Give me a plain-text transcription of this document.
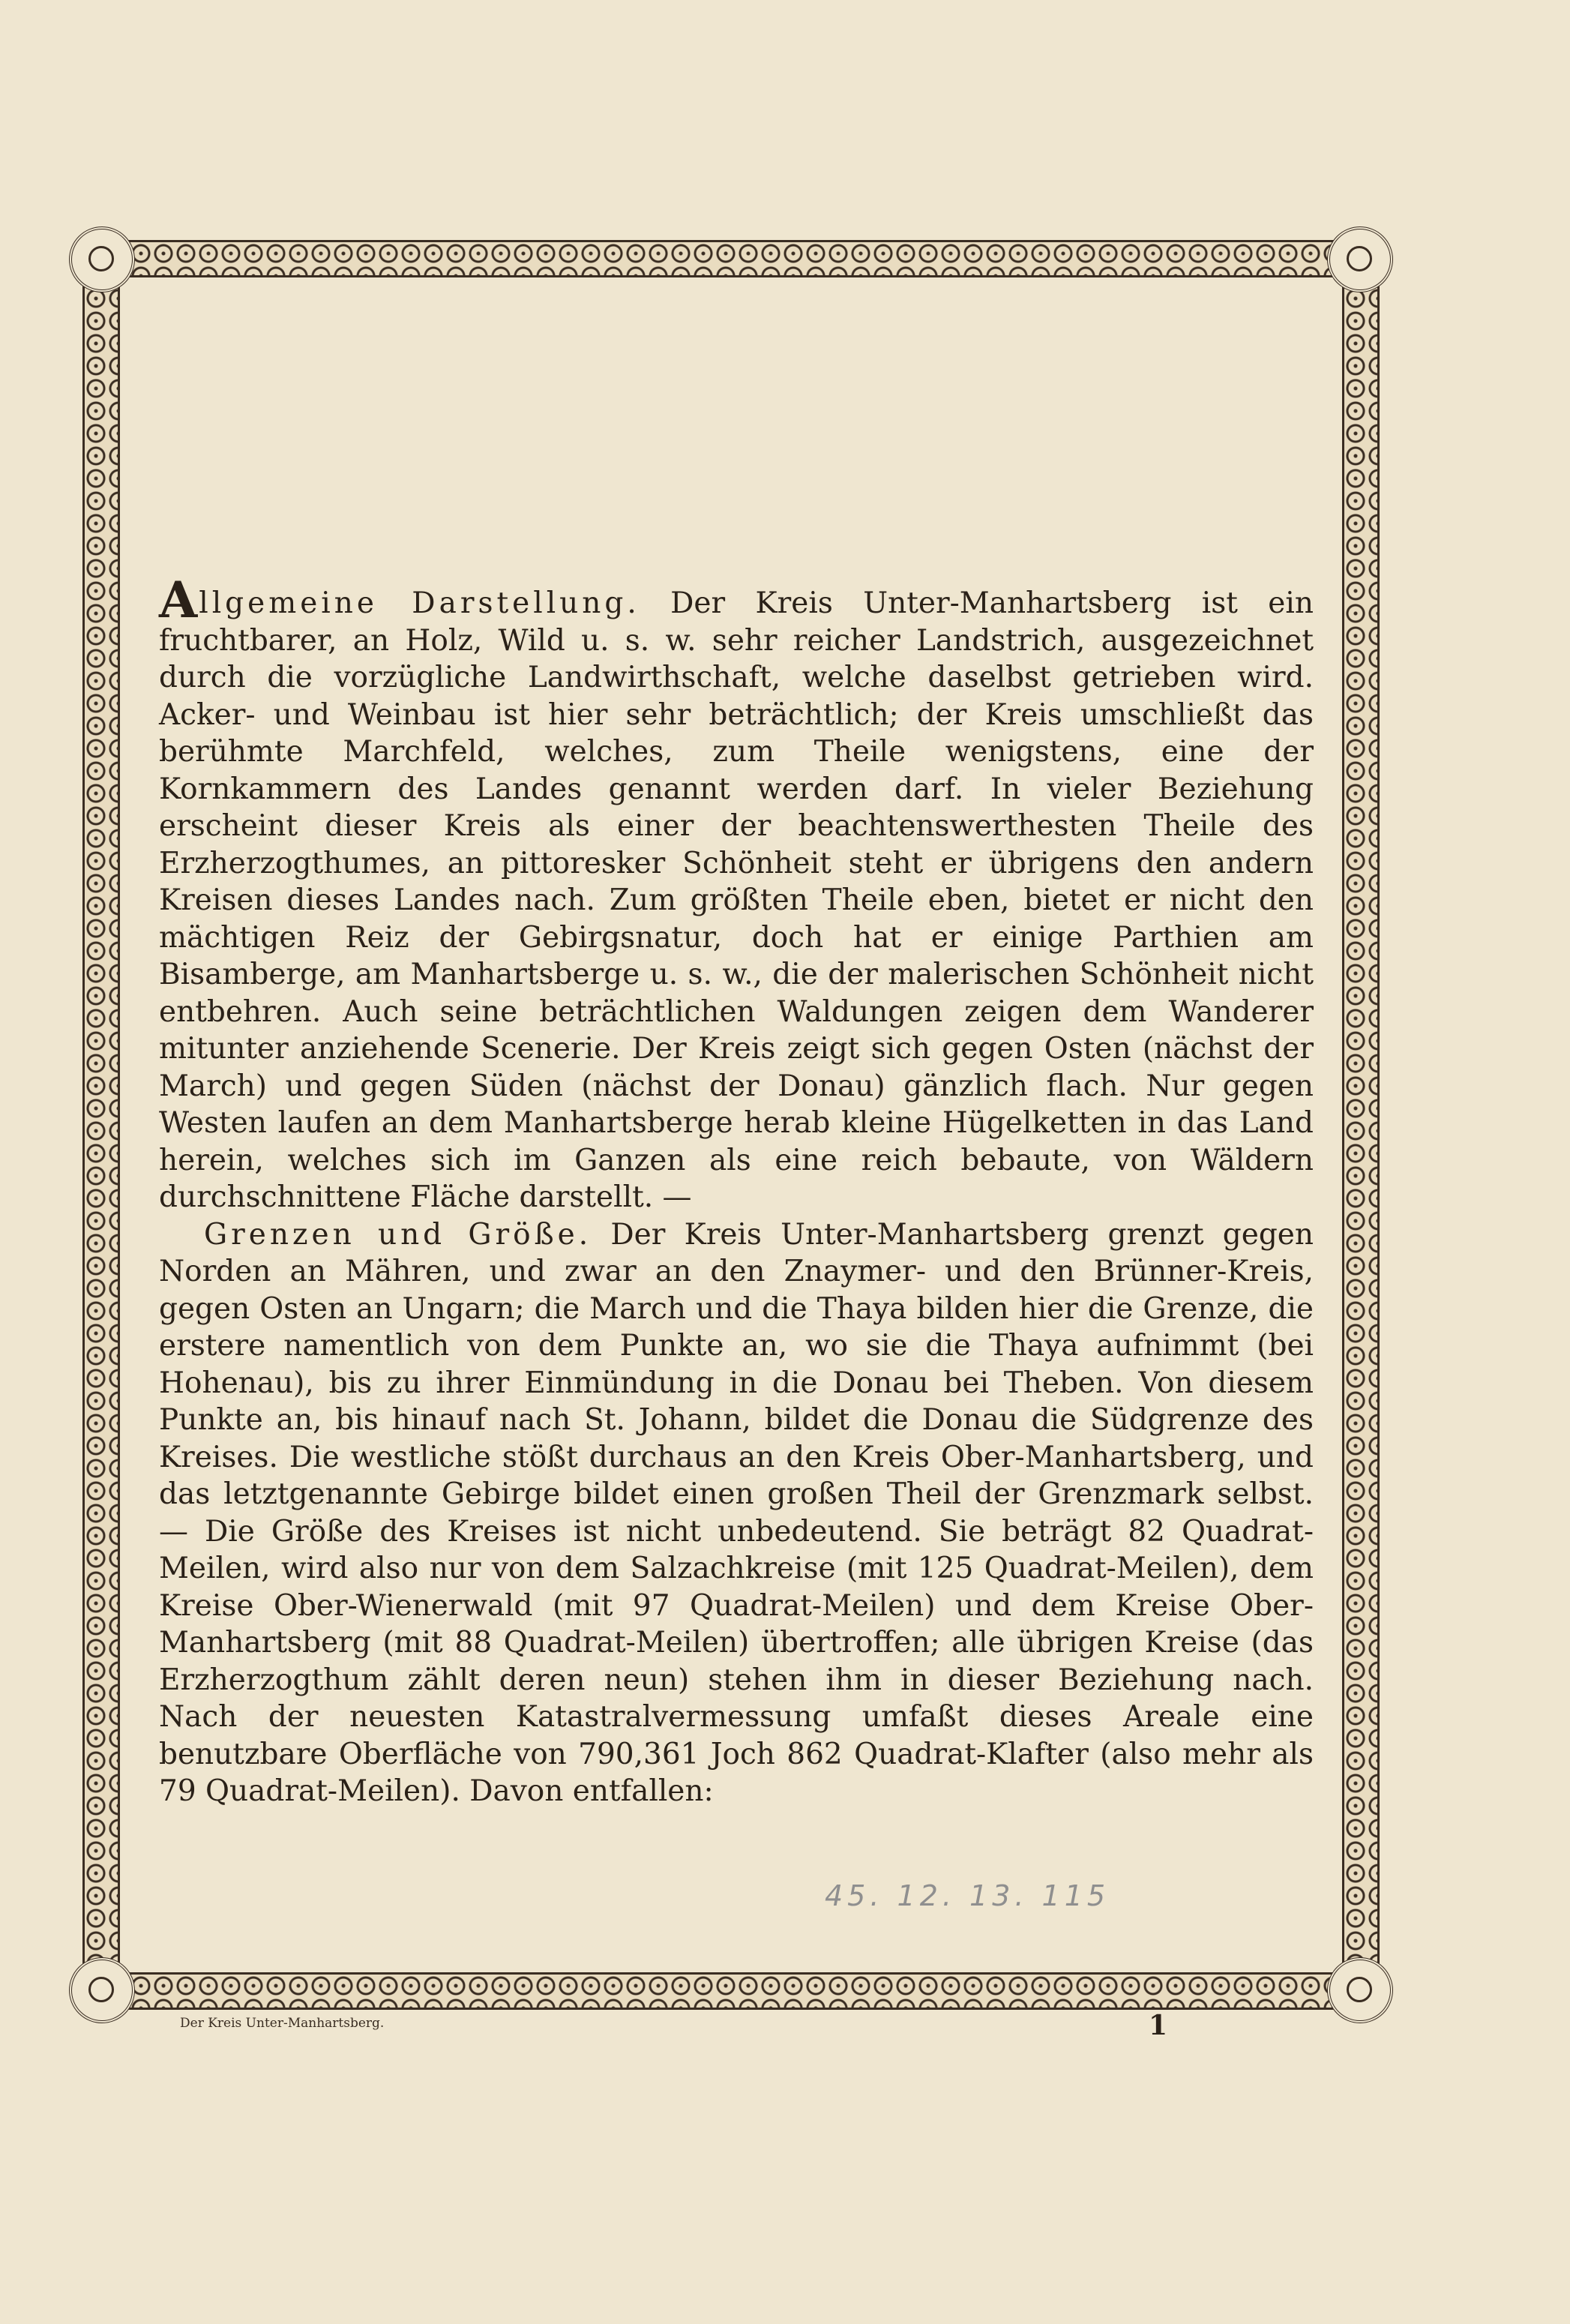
Allgemeine Darstellung. Der Kreis Unter-Manhartsberg ist ein fruchtbarer, an Holz, Wild u. s. w. sehr reicher Landstrich, ausgezeichnet durch die vorzügliche Landwirthschaft, welche daselbst getrieben wird. Acker- und Weinbau ist hier sehr beträchtlich; der Kreis umschließt das berühmte Marchfeld, welches, zum Theile wenigstens, eine der Kornkammern des Landes genannt werden darf. In vieler Beziehung erscheint dieser Kreis als einer der beachtenswerthesten Theile des Erzherzogthumes, an pittoresker Schönheit steht er übrigens den andern Kreisen dieses Landes nach. Zum größten Theile eben, bietet er nicht den mächtigen Reiz der Gebirgsnatur, doch hat er einige Parthien am Bisamberge, am Manhartsberge u. s. w., die der malerischen Schönheit nicht entbehren. Auch seine beträchtlichen Waldungen zeigen dem Wanderer mitunter anziehende Scenerie. Der Kreis zeigt sich gegen Osten (nächst der March) und gegen Süden (nächst der Donau) gänzlich flach. Nur gegen Westen laufen an dem Manhartsberge herab kleine Hügelketten in das Land herein, welches sich im Ganzen als eine reich bebaute, von Wäldern durchschnittene Fläche darstellt. —

Grenzen und Größe. Der Kreis Unter-Manhartsberg grenzt gegen Norden an Mähren, und zwar an den Znaymer- und den Brünner-Kreis, gegen Osten an Ungarn; die March und die Thaya bilden hier die Grenze, die erstere namentlich von dem Punkte an, wo sie die Thaya aufnimmt (bei Hohenau), bis zu ihrer Einmündung in die Donau bei Theben. Von diesem Punkte an, bis hinauf nach St. Johann, bildet die Donau die Südgrenze des Kreises. Die westliche stößt durchaus an den Kreis Ober-Manhartsberg, und das letztgenannte Gebirge bildet einen großen Theil der Grenzmark selbst. — Die Größe des Kreises ist nicht unbedeutend. Sie beträgt 82 Quadrat-Meilen, wird also nur von dem Salzachkreise (mit 125 Quadrat-Meilen), dem Kreise Ober-Wienerwald (mit 97 Quadrat-Meilen) und dem Kreise Ober-Manhartsberg (mit 88 Quadrat-Meilen) übertroffen; alle übrigen Kreise (das Erzherzogthum zählt deren neun) stehen ihm in dieser Beziehung nach. Nach der neuesten Katastralvermessung umfaßt dieses Areale eine benutzbare Oberfläche von 790,361 Joch 862 Quadrat-Klafter (also mehr als 79 Quadrat-Meilen). Davon entfallen:

45. 12. 13. 115
Der Kreis Unter-Manhartsberg.	1
